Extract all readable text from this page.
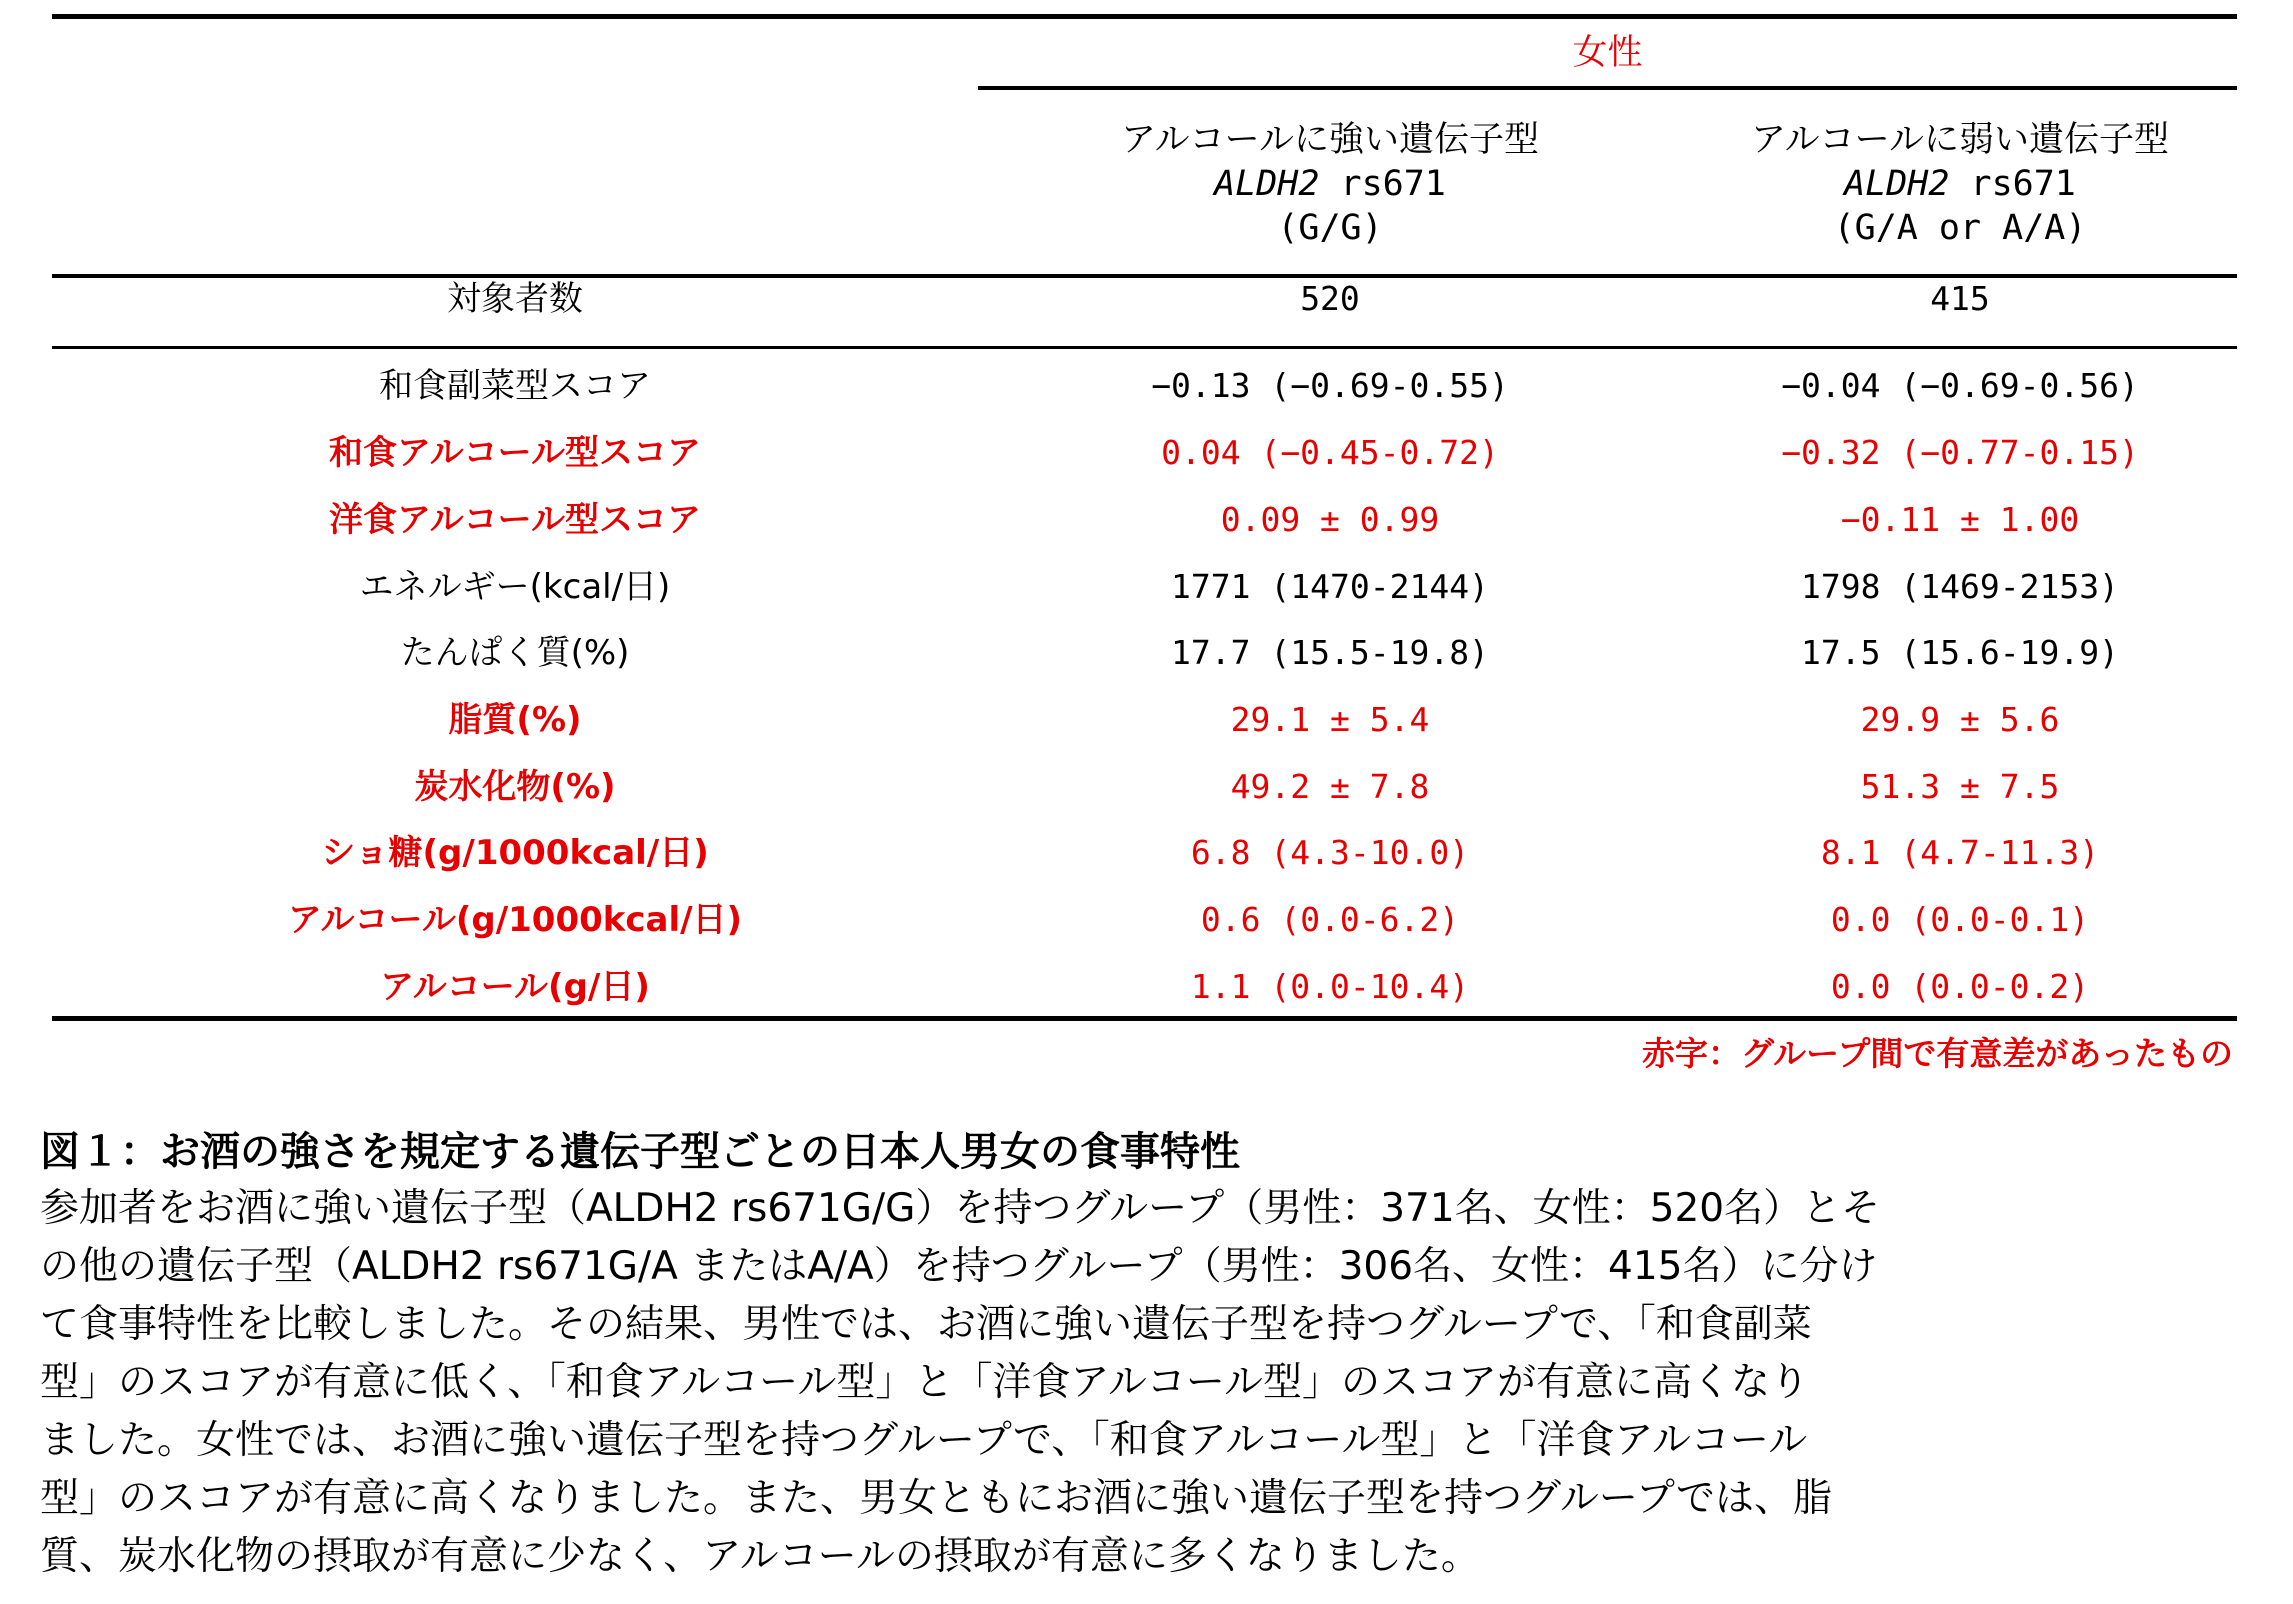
女性
アルコールに強い遺伝子型
ALDH2 rs671
(G/G)
アルコールに弱い遺伝子型
ALDH2 rs671
(G/A or A/A)
対象者数	520	415
和食副菜型スコア	−0.13 (−0.69-0.55)	−0.04 (−0.69-0.56)
和食アルコール型スコア	0.04 (−0.45-0.72)	−0.32 (−0.77-0.15)
洋食アルコール型スコア	0.09 ± 0.99	−0.11 ± 1.00
エネルギー(kcal/日)	1771 (1470-2144)	1798 (1469-2153)
たんぱく質(%)	17.7 (15.5-19.8)	17.5 (15.6-19.9)
脂質(%)	29.1 ± 5.4	29.9 ± 5.6
炭水化物(%)	49.2 ± 7.8	51.3 ± 7.5
ショ糖(g/1000kcal/日)	6.8 (4.3-10.0)	8.1 (4.7-11.3)
アルコール(g/1000kcal/日)	0.6 (0.0-6.2)	0.0 (0.0-0.1)
アルコール(g/日)	1.1 (0.0-10.4)	0.0 (0.0-0.2)
赤字：グループ間で有意差があったもの
図１：お酒の強さを規定する遺伝子型ごとの日本人男女の食事特性

参加者をお酒に強い遺伝子型（ALDH2 rs671G/G）を持つグループ（男性：371名、女性：520名）とそ

の他の遺伝子型（ALDH2 rs671G/A またはA/A）を持つグループ（男性：306名、女性：415名）に分け

て食事特性を比較しました。その結果、男性では、お酒に強い遺伝子型を持つグループで、「和食副菜

型」のスコアが有意に低く、「和食アルコール型」と「洋食アルコール型」のスコアが有意に高くなり

ました。女性では、お酒に強い遺伝子型を持つグループで、「和食アルコール型」と「洋食アルコール

型」のスコアが有意に高くなりました。また、男女ともにお酒に強い遺伝子型を持つグループでは、脂

質、炭水化物の摂取が有意に少なく、アルコールの摂取が有意に多くなりました。
